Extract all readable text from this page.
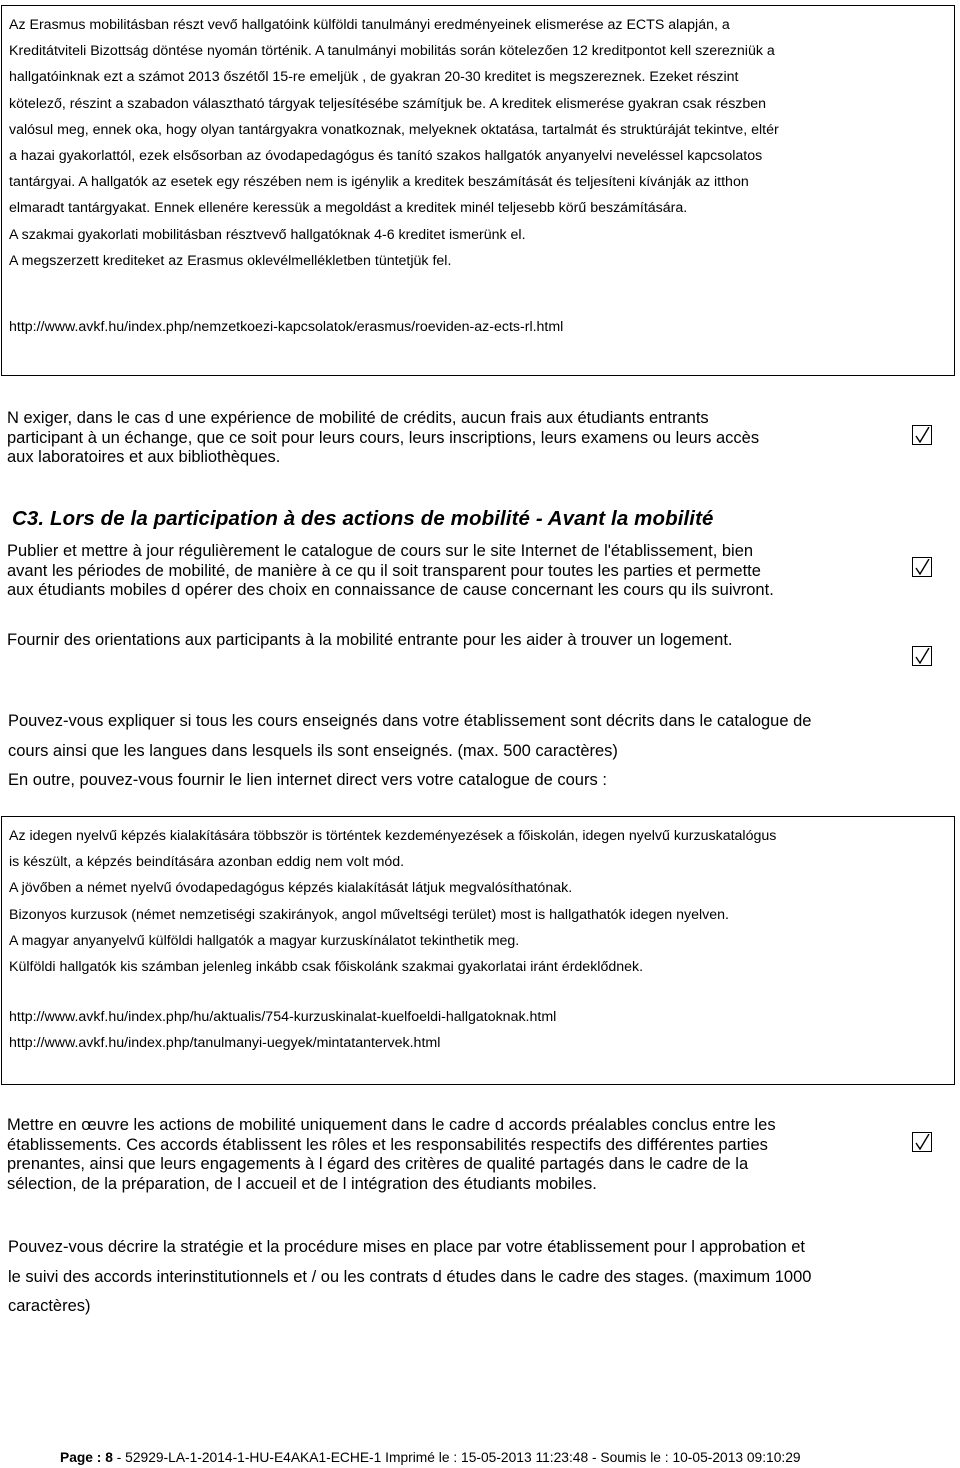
Az Erasmus mobilitásban részt vevő hallgatóink külföldi tanulmányi eredményeinek elismerése az ECTS alapján, a

Kreditátviteli Bizottság döntése nyomán történik. A tanulmányi mobilitás során kötelezően 12 kreditpontot kell szerezniük a

hallgatóinknak ezt a számot 2013 őszétől 15-re emeljük , de gyakran 20-30 kreditet is megszereznek. Ezeket részint

kötelező, részint a szabadon választható tárgyak teljesítésébe számítjuk be. A kreditek elismerése gyakran csak részben

valósul meg, ennek oka, hogy olyan tantárgyakra vonatkoznak, melyeknek oktatása, tartalmát és struktúráját tekintve, eltér

a hazai gyakorlattól, ezek elsősorban az óvodapedagógus és tanító szakos hallgatók anyanyelvi neveléssel kapcsolatos

tantárgyai. A hallgatók az esetek egy részében nem is igénylik a kreditek beszámítását és teljesíteni kívánják az itthon

elmaradt tantárgyakat. Ennek ellenére keressük a megoldást a kreditek minél teljesebb körű beszámítására.

A szakmai gyakorlati mobilitásban résztvevő hallgatóknak 4-6 kreditet ismerünk el.

A megszerzett krediteket az Erasmus oklevélmellékletben tüntetjük fel.

http://www.avkf.hu/index.php/nemzetkoezi-kapcsolatok/erasmus/roeviden-az-ects-rl.html

N exiger, dans le cas d une expérience de mobilité de crédits, aucun frais aux étudiants entrants

participant à un échange, que ce soit pour leurs cours, leurs inscriptions, leurs examens ou leurs accès

aux laboratoires et aux bibliothèques.

C3. Lors de la participation à des actions de mobilité - Avant la mobilité

Publier et mettre à jour régulièrement le catalogue de cours sur le site Internet de l'établissement, bien

avant les périodes de mobilité, de manière à ce qu il soit transparent pour toutes les parties et permette

aux étudiants mobiles d opérer des choix en connaissance de cause concernant les cours qu ils suivront.

Fournir des orientations aux participants à la mobilité entrante pour les aider à trouver un logement.

Pouvez-vous expliquer si tous les cours enseignés dans votre établissement sont décrits dans le catalogue de

cours ainsi que les langues dans lesquels ils sont enseignés. (max. 500 caractères)

En outre, pouvez-vous fournir le lien internet direct vers votre catalogue de cours :

Az idegen nyelvű képzés kialakítására többször is történtek kezdeményezések a főiskolán, idegen nyelvű kurzuskatalógus

is készült, a képzés beindítására azonban eddig nem volt mód.

A jövőben a német nyelvű óvodapedagógus képzés kialakítását látjuk megvalósíthatónak.

Bizonyos kurzusok (német nemzetiségi szakirányok, angol műveltségi terület) most is hallgathatók idegen nyelven.

A magyar anyanyelvű külföldi hallgatók a magyar kurzuskínálatot tekinthetik meg.

Külföldi hallgatók kis számban jelenleg inkább csak főiskolánk szakmai gyakorlatai iránt érdeklődnek.

http://www.avkf.hu/index.php/hu/aktualis/754-kurzuskinalat-kuelfoeldi-hallgatoknak.html

http://www.avkf.hu/index.php/tanulmanyi-uegyek/mintatantervek.html

Mettre en œuvre les actions de mobilité uniquement dans le cadre d accords préalables conclus entre les

établissements. Ces accords établissent les rôles et les responsabilités respectifs des différentes parties

prenantes, ainsi que leurs engagements à l égard des critères de qualité partagés dans le cadre de la

sélection, de la préparation, de l accueil et de l intégration des étudiants mobiles.

Pouvez-vous décrire la stratégie et la procédure mises en place par votre établissement pour l approbation et

le suivi des accords interinstitutionnels et / ou les contrats d études dans le cadre des stages. (maximum 1000

caractères)

Page : 8 - 52929-LA-1-2014-1-HU-E4AKA1-ECHE-1 Imprimé le : 15-05-2013 11:23:48 - Soumis le : 10-05-2013 09:10:29
